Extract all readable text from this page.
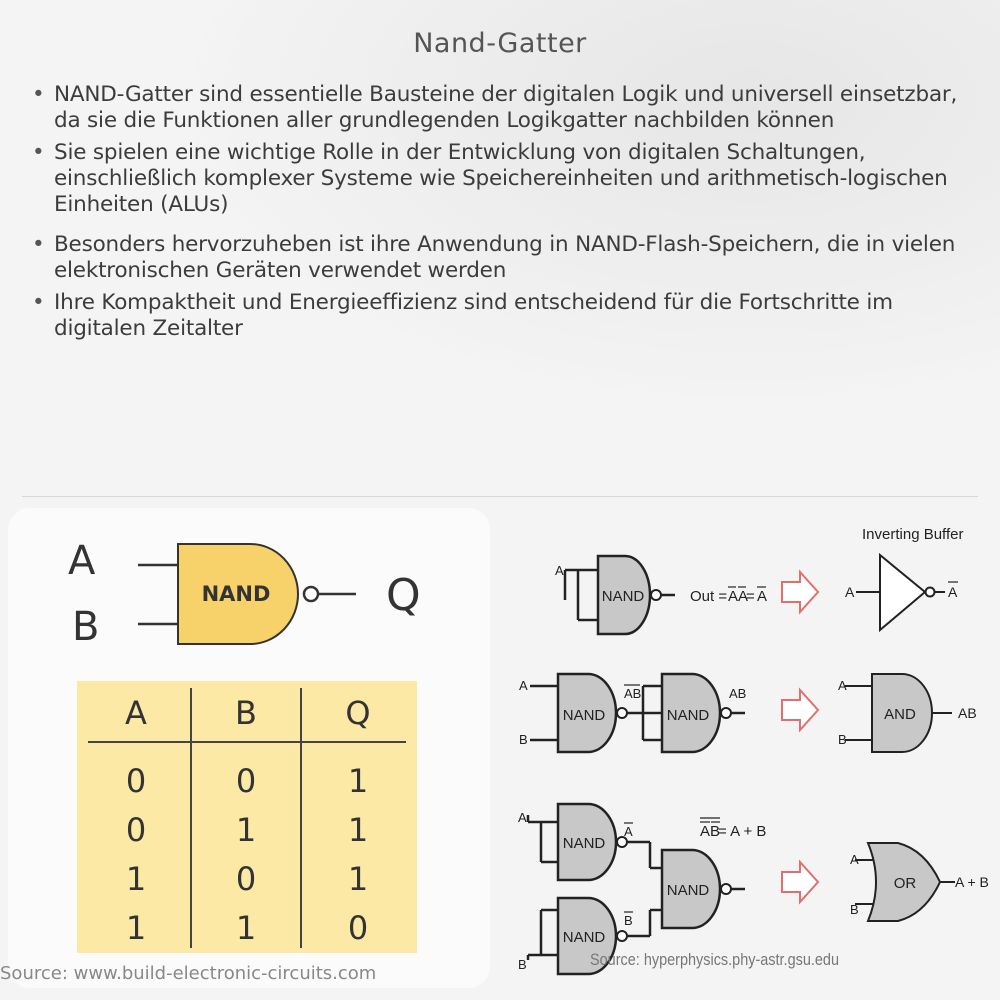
Nand-Gatter
• NAND-Gatter sind essentielle Bausteine der digitalen Logik und universell einsetzbar, da sie die Funktionen aller grundlegenden Logikgatter nachbilden können
• Sie spielen eine wichtige Rolle in der Entwicklung von digitalen Schaltungen, einschließlich komplexer Systeme wie Speichereinheiten und arithmetisch-logischen Einheiten (ALUs)
• Besonders hervorzuheben ist ihre Anwendung in NAND-Flash-Speichern, die in vielen elektronischen Geräten verwendet werden
• Ihre Kompaktheit und Energieeffizienz sind entscheidend für die Fortschritte im digitalen Zeitalter
A
B
Q
NAND
A	B	Q
0	0	1
0	1	1
1	0	1
1	1	0
Source: www.build-electronic-circuits.com
NAND
A
Out = AA
= A
Inverting Buffer
A	A
A
B
NAND	NAND
AB	AB
A
B
AND	AB
A
B
NAND
NAND
NAND
A
B
AB
= A + B
A
B
OR	A + B
Source: hyperphysics.phy-astr.gsu.edu
